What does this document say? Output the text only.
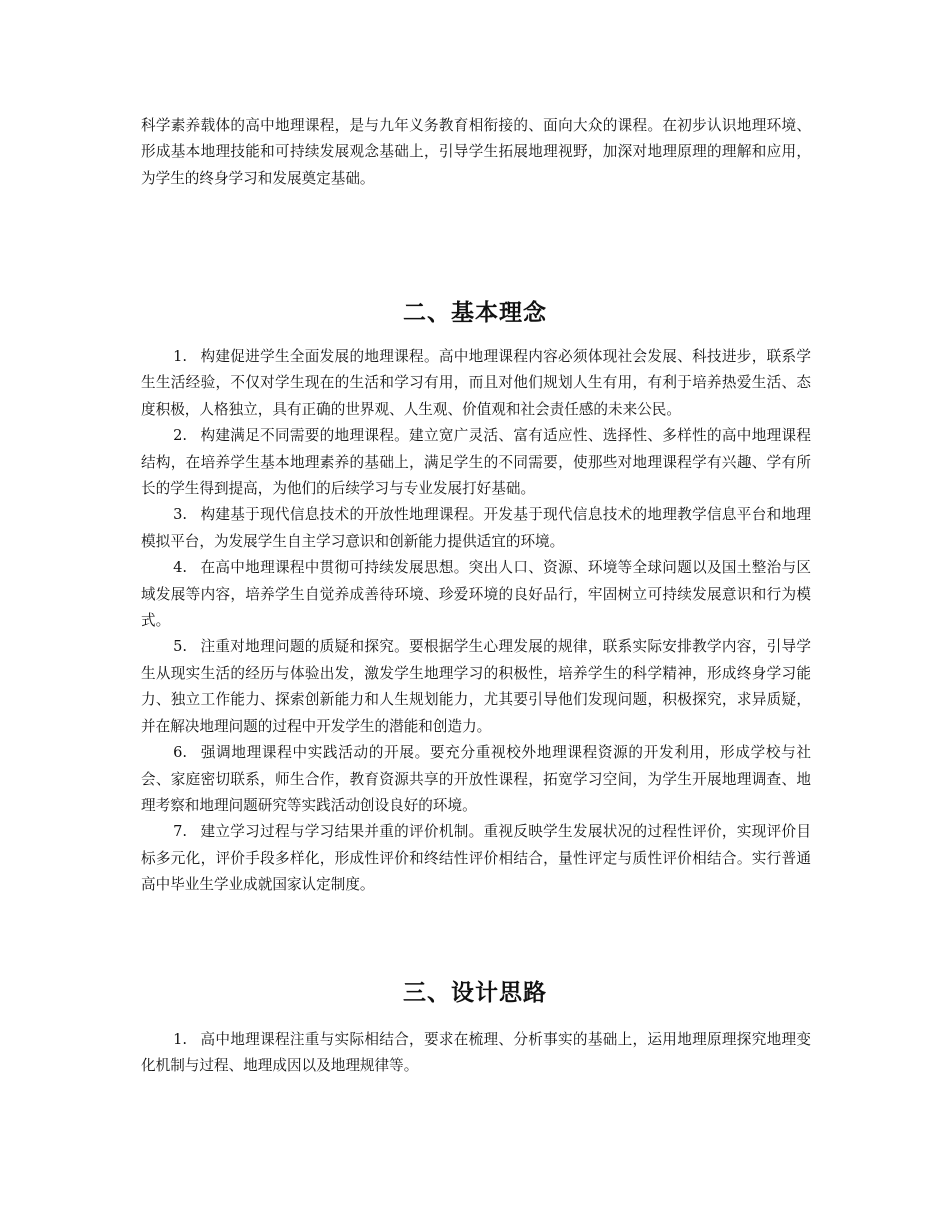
科学素养载体的高中地理课程，是与九年义务教育相衔接的、面向大众的课程。在初步认识地理环境、形成基本地理技能和可持续发展观念基础上，引导学生拓展地理视野，加深对地理原理的理解和应用，为学生的终身学习和发展奠定基础。

二、基本理念
1. 构建促进学生全面发展的地理课程。高中地理课程内容必须体现社会发展、科技进步，联系学生生活经验，不仅对学生现在的生活和学习有用，而且对他们规划人生有用，有利于培养热爱生活、态度积极，人格独立，具有正确的世界观、人生观、价值观和社会责任感的未来公民。
2. 构建满足不同需要的地理课程。建立宽广灵活、富有适应性、选择性、多样性的高中地理课程结构，在培养学生基本地理素养的基础上，满足学生的不同需要，使那些对地理课程学有兴趣、学有所长的学生得到提高，为他们的后续学习与专业发展打好基础。
3. 构建基于现代信息技术的开放性地理课程。开发基于现代信息技术的地理教学信息平台和地理模拟平台，为发展学生自主学习意识和创新能力提供适宜的环境。
4. 在高中地理课程中贯彻可持续发展思想。突出人口、资源、环境等全球问题以及国土整治与区域发展等内容，培养学生自觉养成善待环境、珍爱环境的良好品行，牢固树立可持续发展意识和行为模式。
5. 注重对地理问题的质疑和探究。要根据学生心理发展的规律，联系实际安排教学内容，引导学生从现实生活的经历与体验出发，激发学生地理学习的积极性，培养学生的科学精神，形成终身学习能力、独立工作能力、探索创新能力和人生规划能力，尤其要引导他们发现问题，积极探究，求异质疑，并在解决地理问题的过程中开发学生的潜能和创造力。
6. 强调地理课程中实践活动的开展。要充分重视校外地理课程资源的开发利用，形成学校与社会、家庭密切联系，师生合作，教育资源共享的开放性课程，拓宽学习空间，为学生开展地理调查、地理考察和地理问题研究等实践活动创设良好的环境。
7. 建立学习过程与学习结果并重的评价机制。重视反映学生发展状况的过程性评价，实现评价目标多元化，评价手段多样化，形成性评价和终结性评价相结合，量性评定与质性评价相结合。实行普通高中毕业生学业成就国家认定制度。
三、设计思路
1. 高中地理课程注重与实际相结合，要求在梳理、分析事实的基础上，运用地理原理探究地理变化机制与过程、地理成因以及地理规律等。
